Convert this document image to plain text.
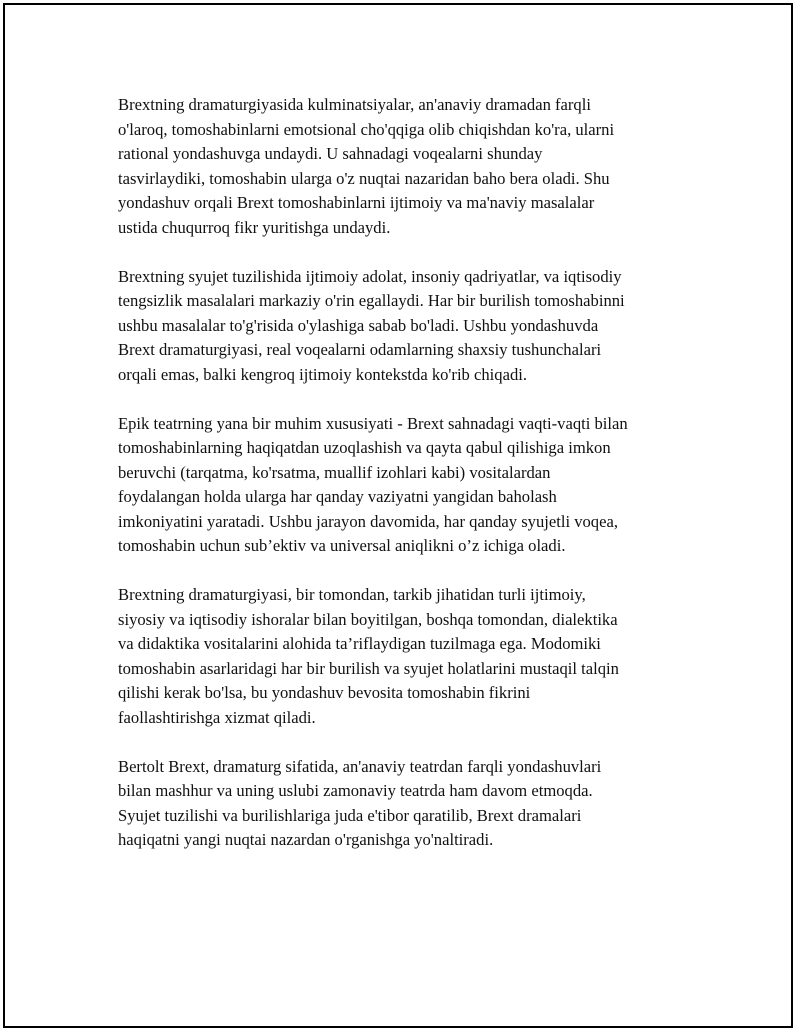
Brextning dramaturgiyasida kulminatsiyalar, an'anaviy dramadan farqli
o'laroq, tomoshabinlarni emotsional cho'qqiga olib chiqishdan ko'ra, ularni
rational yondashuvga undaydi. U sahnadagi voqealarni shunday
tasvirlaydiki, tomoshabin ularga o'z nuqtai nazaridan baho bera oladi. Shu
yondashuv orqali Brext tomoshabinlarni ijtimoiy va ma'naviy masalalar
ustida chuqurroq fikr yuritishga undaydi.

Brextning syujet tuzilishida ijtimoiy adolat, insoniy qadriyatlar, va iqtisodiy
tengsizlik masalalari markaziy o'rin egallaydi. Har bir burilish tomoshabinni
ushbu masalalar to'g'risida o'ylashiga sabab bo'ladi. Ushbu yondashuvda
Brext dramaturgiyasi, real voqealarni odamlarning shaxsiy tushunchalari
orqali emas, balki kengroq ijtimoiy kontekstda ko'rib chiqadi.

Epik teatrning yana bir muhim xususiyati - Brext sahnadagi vaqti-vaqti bilan
tomoshabinlarning haqiqatdan uzoqlashish va qayta qabul qilishiga imkon
beruvchi (tarqatma, ko'rsatma, muallif izohlari kabi) vositalardan
foydalangan holda ularga har qanday vaziyatni yangidan baholash
imkoniyatini yaratadi. Ushbu jarayon davomida, har qanday syujetli voqea,
tomoshabin uchun sub’ektiv va universal aniqlikni o’z ichiga oladi.

Brextning dramaturgiyasi, bir tomondan, tarkib jihatidan turli ijtimoiy,
siyosiy va iqtisodiy ishoralar bilan boyitilgan, boshqa tomondan, dialektika
va didaktika vositalarini alohida ta’riflaydigan tuzilmaga ega. Modomiki
tomoshabin asarlaridagi har bir burilish va syujet holatlarini mustaqil talqin
qilishi kerak bo'lsa, bu yondashuv bevosita tomoshabin fikrini
faollashtirishga xizmat qiladi.

Bertolt Brext, dramaturg sifatida, an'anaviy teatrdan farqli yondashuvlari
bilan mashhur va uning uslubi zamonaviy teatrda ham davom etmoqda.
Syujet tuzilishi va burilishlariga juda e'tibor qaratilib, Brext dramalari
haqiqatni yangi nuqtai nazardan o'rganishga yo'naltiradi.
